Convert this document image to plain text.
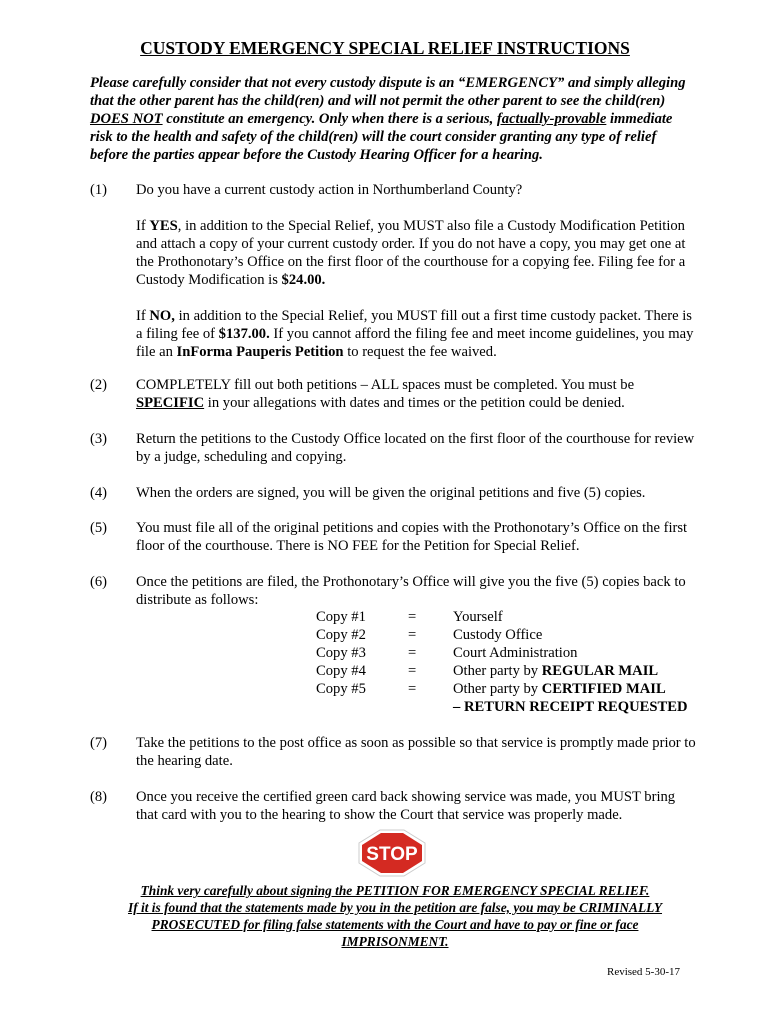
CUSTODY EMERGENCY SPECIAL RELIEF INSTRUCTIONS
Please carefully consider that not every custody dispute is an “EMERGENCY” and simply alleging that the other parent has the child(ren) and will not permit the other parent to see the child(ren) DOES NOT constitute an emergency. Only when there is a serious, factually-provable immediate risk to the health and safety of the child(ren) will the court consider granting any type of relief before the parties appear before the Custody Hearing Officer for a hearing.
(1)	Do you have a current custody action in Northumberland County?

If YES, in addition to the Special Relief, you MUST also file a Custody Modification Petition and attach a copy of your current custody order. If you do not have a copy, you may get one at the Prothonotary’s Office on the first floor of the courthouse for a copying fee. Filing fee for a Custody Modification is $24.00.

If NO, in addition to the Special Relief, you MUST fill out a first time custody packet. There is a filing fee of $137.00. If you cannot afford the filing fee and meet income guidelines, you may file an InForma Pauperis Petition to request the fee waived.

(2)	COMPLETELY fill out both petitions – ALL spaces must be completed. You must be SPECIFIC in your allegations with dates and times or the petition could be denied.

(3)	Return the petitions to the Custody Office located on the first floor of the courthouse for review by a judge, scheduling and copying.

(4)	When the orders are signed, you will be given the original petitions and five (5) copies.

(5)	You must file all of the original petitions and copies with the Prothonotary’s Office on the first floor of the courthouse. There is NO FEE for the Petition for Special Relief.

(6)	Once the petitions are filed, the Prothonotary’s Office will give you the five (5) copies back to distribute as follows:

Copy #1	=	Yourself
Copy #2	=	Custody Office
Copy #3	=	Court Administration
Copy #4	=	Other party by REGULAR MAIL
Copy #5	=	Other party by CERTIFIED MAIL
– RETURN RECEIPT REQUESTED
(7)	Take the petitions to the post office as soon as possible so that service is promptly made prior to the hearing date.

(8)	Once you receive the certified green card back showing service was made, you MUST bring that card with you to the hearing to show the Court that service was properly made.

STOP
Think very carefully about signing the PETITION FOR EMERGENCY SPECIAL RELIEF.
If it is found that the statements made by you in the petition are false, you may be CRIMINALLY PROSECUTED for filing false statements with the Court and have to pay or fine or face IMPRISONMENT.
Revised 5-30-17
